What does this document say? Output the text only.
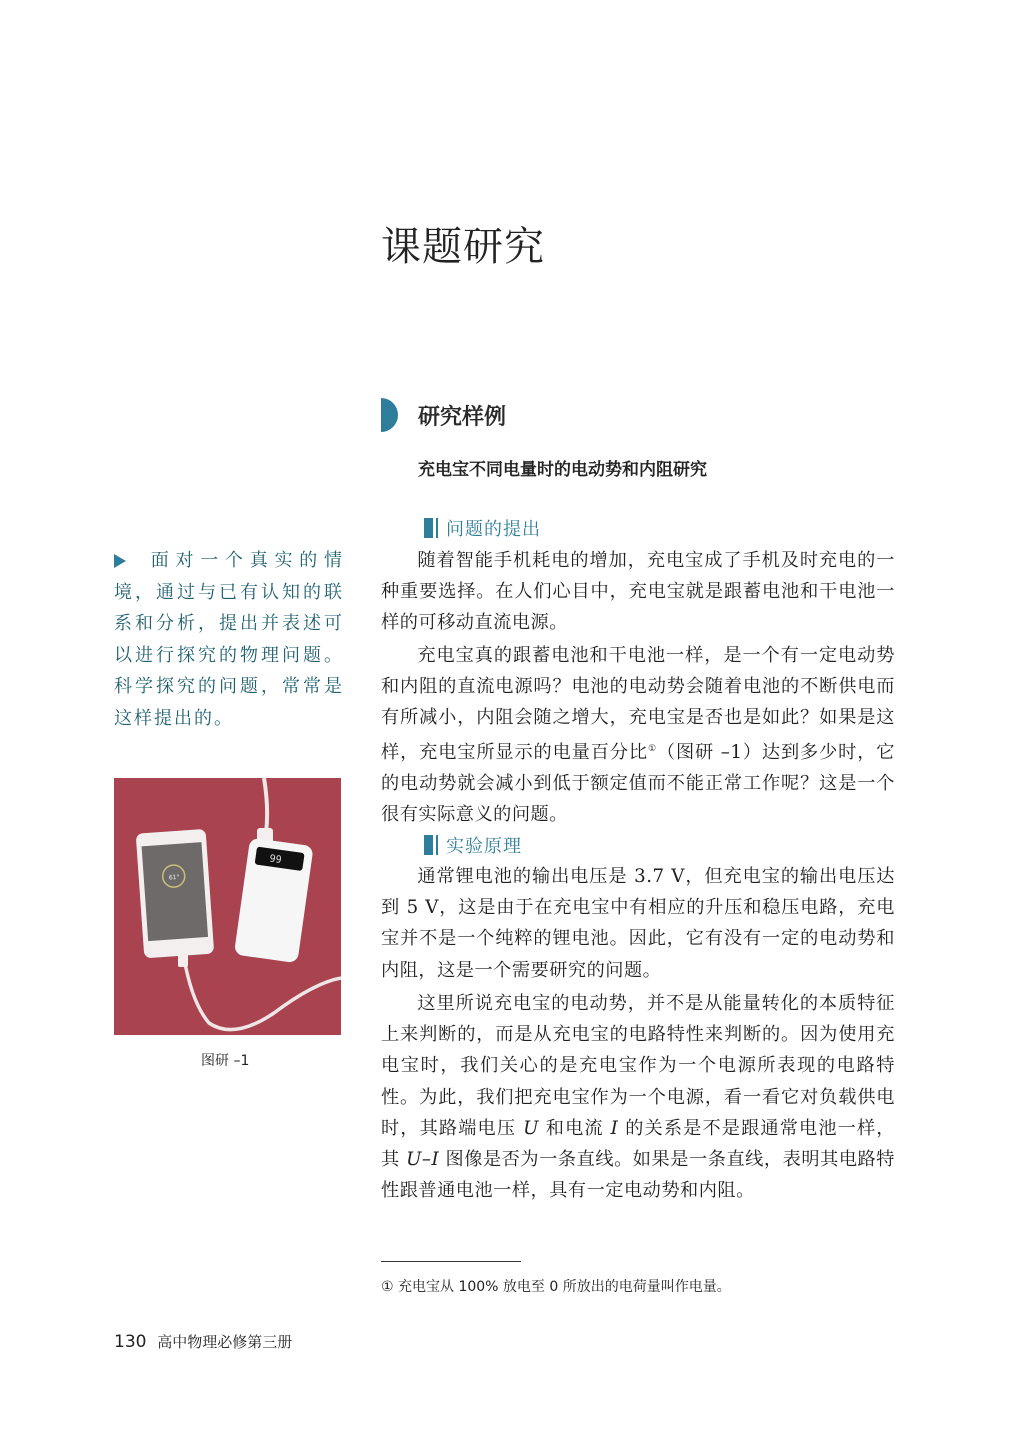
课题研究
研究样例
充电宝不同电量时的电动势和内阻研究
问题的提出

随着智能手机耗电的增加，充电宝成了手机及时充电的一种重要选择。在人们心目中，充电宝就是跟蓄电池和干电池一样的可移动直流电源。

充电宝真的跟蓄电池和干电池一样，是一个有一定电动势和内阻的直流电源吗？电池的电动势会随着电池的不断供电而有所减小，内阻会随之增大，充电宝是否也是如此？如果是这样，充电宝所显示的电量百分比①（图研 –1）达到多少时，它的电动势就会减小到低于额定值而不能正常工作呢？这是一个很有实际意义的问题。

实验原理

通常锂电池的输出电压是 3.7 V，但充电宝的输出电压达到 5 V，这是由于在充电宝中有相应的升压和稳压电路，充电宝并不是一个纯粹的锂电池。因此，它有没有一定的电动势和内阻，这是一个需要研究的问题。

这里所说充电宝的电动势，并不是从能量转化的本质特征上来判断的，而是从充电宝的电路特性来判断的。因为使用充电宝时，我们关心的是充电宝作为一个电源所表现的电路特性。为此，我们把充电宝作为一个电源，看一看它对负载供电时，其路端电压 U 和电流 I 的关系是不是跟通常电池一样，其 U–I 图像是否为一条直线。如果是一条直线，表明其电路特性跟普通电池一样，具有一定电动势和内阻。

面对一个真实的情境，通过与已有认知的联系和分析，提出并表述可以进行探究的物理问题。科学探究的问题，常常是这样提出的。
61°
99
图研 –1
① 充电宝从 100% 放电至 0 所放出的电荷量叫作电量。
130 高中物理必修第三册
